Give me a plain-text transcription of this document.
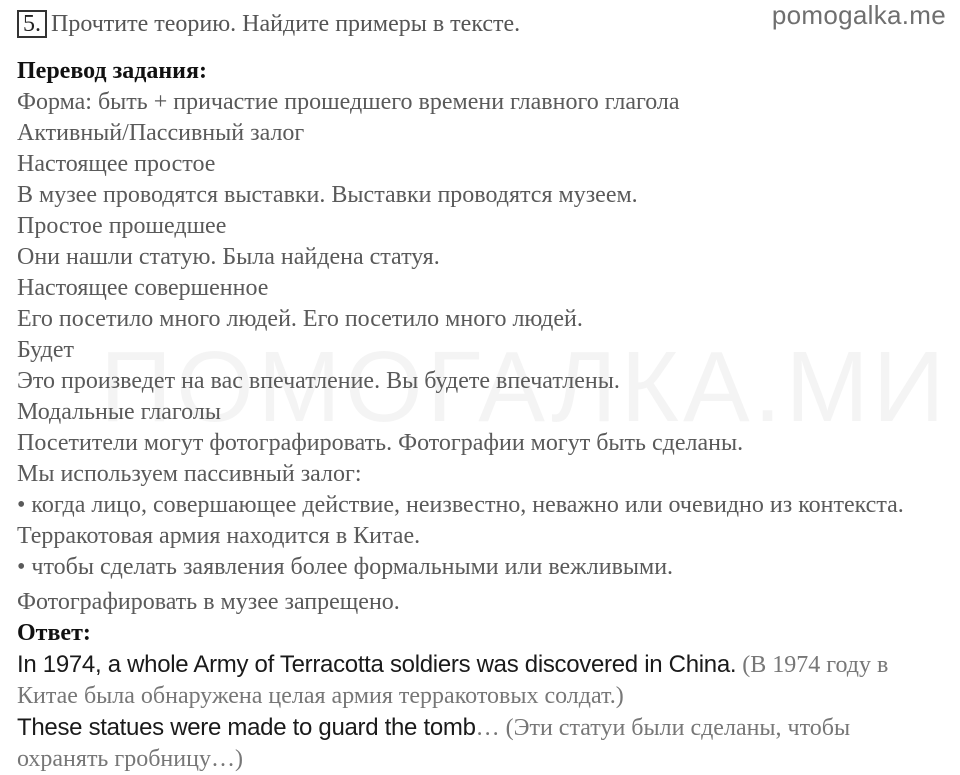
pomogalka.me
5. Прочтите теорию. Найдите примеры в тексте.
Перевод задания:
Форма: быть + причастие прошедшего времени главного глагола
Активный/Пассивный залог
Настоящее простое
В музее проводятся выставки. Выставки проводятся музеем.
Простое прошедшее
Они нашли статую. Была найдена статуя.
Настоящее совершенное
Его посетило много людей. Его посетило много людей.
Будет
Это произведет на вас впечатление. Вы будете впечатлены.
Модальные глаголы
Посетители могут фотографировать. Фотографии могут быть сделаны.
Мы используем пассивный залог:
• когда лицо, совершающее действие, неизвестно, неважно или очевидно из контекста. Терракотовая армия находится в Китае.
• чтобы сделать заявления более формальными или вежливыми.
Фотографировать в музее запрещено.
Ответ:
In 1974, a whole Army of Terracotta soldiers was discovered in China. (В 1974 году в Китае была обнаружена целая армия терракотовых солдат.)
These statues were made to guard the tomb… (Эти статуи были сделаны, чтобы охранять гробницу…)
